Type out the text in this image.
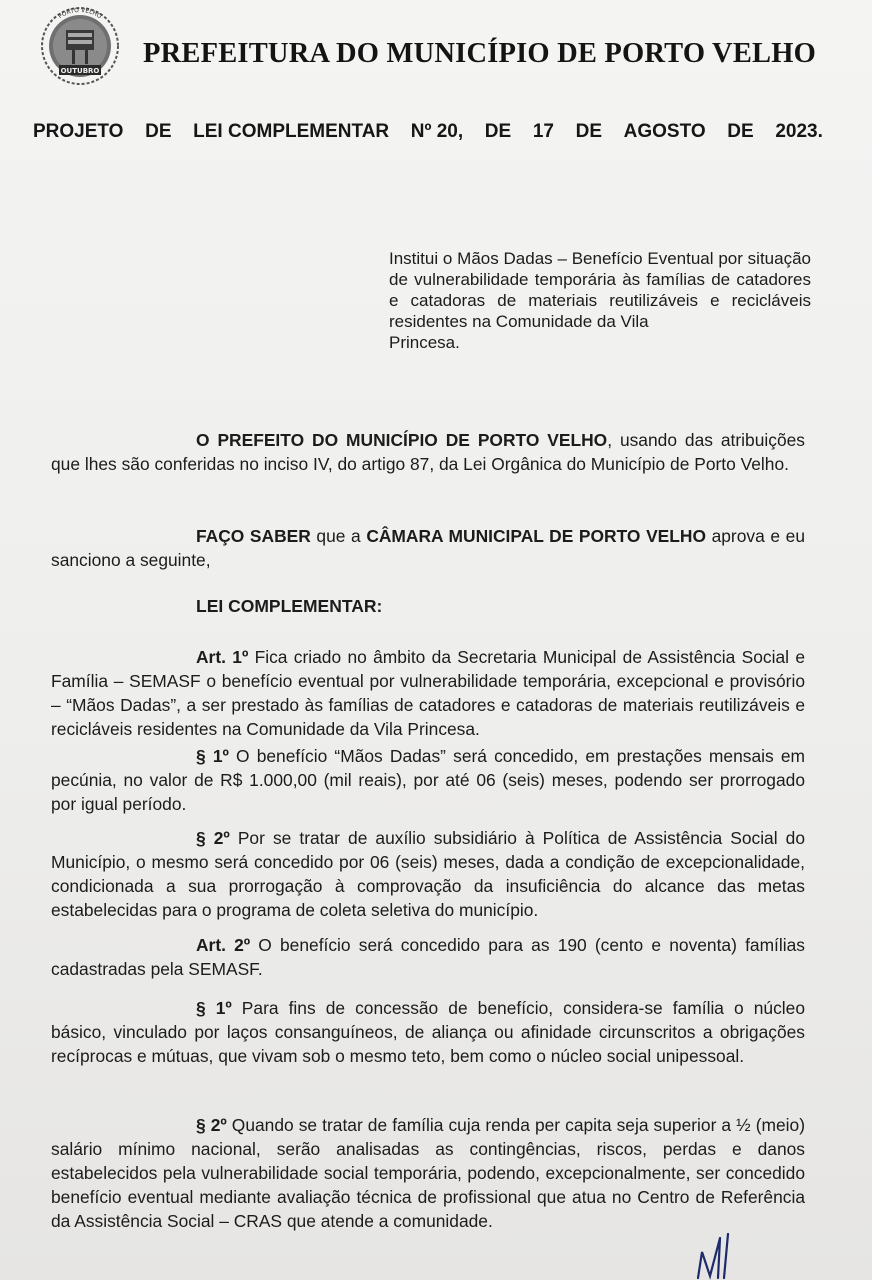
OUTUBRO
PORTO VELHO
PREFEITURA DO MUNICÍPIO DE PORTO VELHO
PROJETO DE LEI COMPLEMENTAR Nº 20, DE 17 DE AGOSTO DE 2023.
Institui o Mãos Dadas – Benefício Eventual por situação de vulnerabilidade temporária às famílias de catadores e catadoras de materiais reutilizáveis e recicláveis residentes na Comunidade da Vila
Princesa.
O PREFEITO DO MUNICÍPIO DE PORTO VELHO, usando das atribuições que lhes são conferidas no inciso IV, do artigo 87, da Lei Orgânica do Município de Porto Velho.
FAÇO SABER que a CÂMARA MUNICIPAL DE PORTO VELHO aprova e eu sanciono a seguinte,
LEI COMPLEMENTAR:
Art. 1º Fica criado no âmbito da Secretaria Municipal de Assistência Social e Família – SEMASF o benefício eventual por vulnerabilidade temporária, excepcional e provisório – “Mãos Dadas”, a ser prestado às famílias de catadores e catadoras de materiais reutilizáveis e recicláveis residentes na Comunidade da Vila Princesa.
§ 1º O benefício “Mãos Dadas” será concedido, em prestações mensais em pecúnia, no valor de R$ 1.000,00 (mil reais), por até 06 (seis) meses, podendo ser prorrogado por igual período.
§ 2º Por se tratar de auxílio subsidiário à Política de Assistência Social do Município, o mesmo será concedido por 06 (seis) meses, dada a condição de excepcionalidade, condicionada a sua prorrogação à comprovação da insuficiência do alcance das metas estabelecidas para o programa de coleta seletiva do município.
Art. 2º O benefício será concedido para as 190 (cento e noventa) famílias cadastradas pela SEMASF.
§ 1º Para fins de concessão de benefício, considera-se família o núcleo básico, vinculado por laços consanguíneos, de aliança ou afinidade circunscritos a obrigações recíprocas e mútuas, que vivam sob o mesmo teto, bem como o núcleo social unipessoal.
§ 2º Quando se tratar de família cuja renda per capita seja superior a ½ (meio) salário mínimo nacional, serão analisadas as contingências, riscos, perdas e danos estabelecidos pela vulnerabilidade social temporária, podendo, excepcionalmente, ser concedido benefício eventual mediante avaliação técnica de profissional que atua no Centro de Referência da Assistência Social – CRAS que atende a comunidade.
